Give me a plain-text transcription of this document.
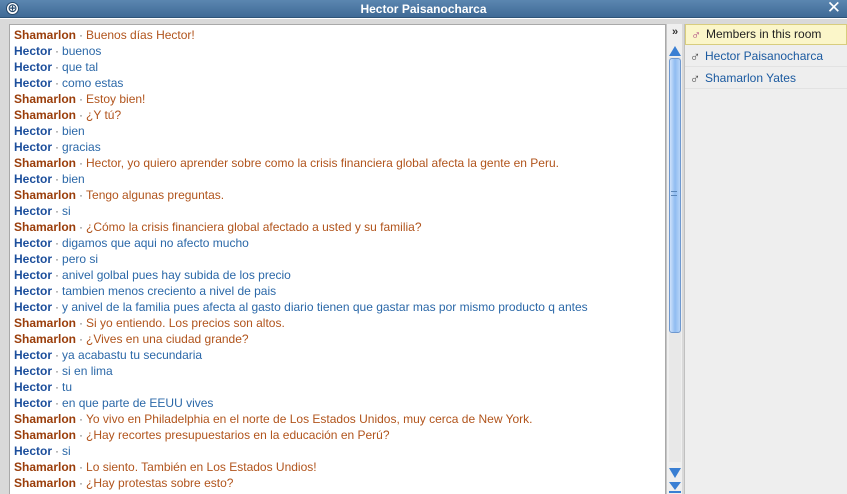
⊕	Hector Paisanocharca	✕
Shamarlon · Buenos días Hector!
Hector · buenos
Hector · que tal
Hector · como estas
Shamarlon · Estoy bien!
Shamarlon · ¿Y tú?
Hector · bien
Hector · gracias
Shamarlon · Hector, yo quiero aprender sobre como la crisis financiera global afecta la gente en Peru.
Hector · bien
Shamarlon · Tengo algunas preguntas.
Hector · si
Shamarlon · ¿Cómo la crisis financiera global afectado a usted y su familia?
Hector · digamos que aqui no afecto mucho
Hector · pero si
Hector · anivel golbal pues hay subida de los precio
Hector · tambien menos creciento a nivel de pais
Hector · y anivel de la familia pues afecta al gasto diario tienen que gastar mas por mismo producto q antes
Shamarlon · Si yo entiendo. Los precios son altos.
Shamarlon · ¿Vives en una ciudad grande?
Hector · ya acabastu tu secundaria
Hector · si en lima
Hector · tu
Hector · en que parte de EEUU vives
Shamarlon · Yo vivo en Philadelphia en el norte de Los Estados Unidos, muy cerca de New York.
Shamarlon · ¿Hay recortes presupuestarios en la educación en Perú?
Hector · si
Shamarlon · Lo siento. También en Los Estados Undios!
Shamarlon · ¿Hay protestas sobre esto?
»	♂ Members in this room
♂ Hector Paisanocharca
♂ Shamarlon Yates
